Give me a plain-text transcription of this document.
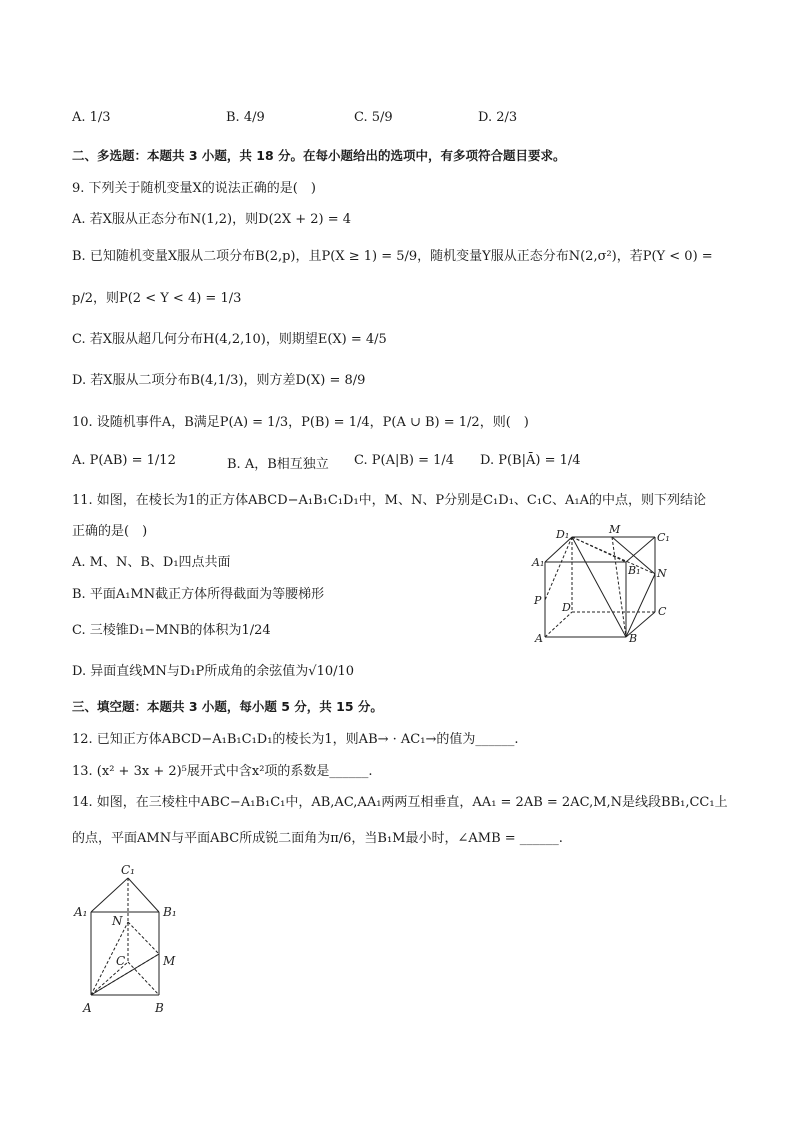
A. 1/3	B. 4/9	C. 5/9	D. 2/3
二、多选题：本题共 3 小题，共 18 分。在每小题给出的选项中，有多项符合题目要求。
9. 下列关于随机变量X的说法正确的是(　)
A. 若X服从正态分布N(1,2)，则D(2X + 2) = 4
B. 已知随机变量X服从二项分布B(2,p)，且P(X ≥ 1) = 5/9，随机变量Y服从正态分布N(2,σ²)，若P(Y < 0) =
p/2，则P(2 < Y < 4) = 1/3
C. 若X服从超几何分布H(4,2,10)，则期望E(X) = 4/5
D. 若X服从二项分布B(4,1/3)，则方差D(X) = 8/9
10. 设随机事件A，B满足P(A) = 1/3，P(B) = 1/4，P(A ∪ B) = 1/2，则(　)
A. P(AB) = 1/12	B. A，B相互独立 C. P(A|B) = 1/4 D. P(B|Ā) = 1/4
11. 如图，在棱长为1的正方体ABCD−A₁B₁C₁D₁中，M、N、P分别是C₁D₁、C₁C、A₁A的中点，则下列结论
正确的是(　)
A. M、N、B、D₁四点共面
B. 平面A₁MN截正方体所得截面为等腰梯形
C. 三棱锥D₁−MNB的体积为1/24
D. 异面直线MN与D₁P所成角的余弦值为√10/10
D₁	M
C₁
A₁
B₁ N
P
D	C
A	B
三、填空题：本题共 3 小题，每小题 5 分，共 15 分。
12. 已知正方体ABCD−A₁B₁C₁D₁的棱长为1，则AB→ · AC₁→的值为______.
13. (x² + 3x + 2)⁵展开式中含x²项的系数是______.
14. 如图，在三棱柱中ABC−A₁B₁C₁中，AB,AC,AA₁两两互相垂直，AA₁ = 2AB = 2AC,M,N是线段BB₁,CC₁上
的点，平面AMN与平面ABC所成锐二面角为π/6，当B₁M最小时，∠AMB = ______.
C₁
A₁	B₁
N
C	M
A	B
